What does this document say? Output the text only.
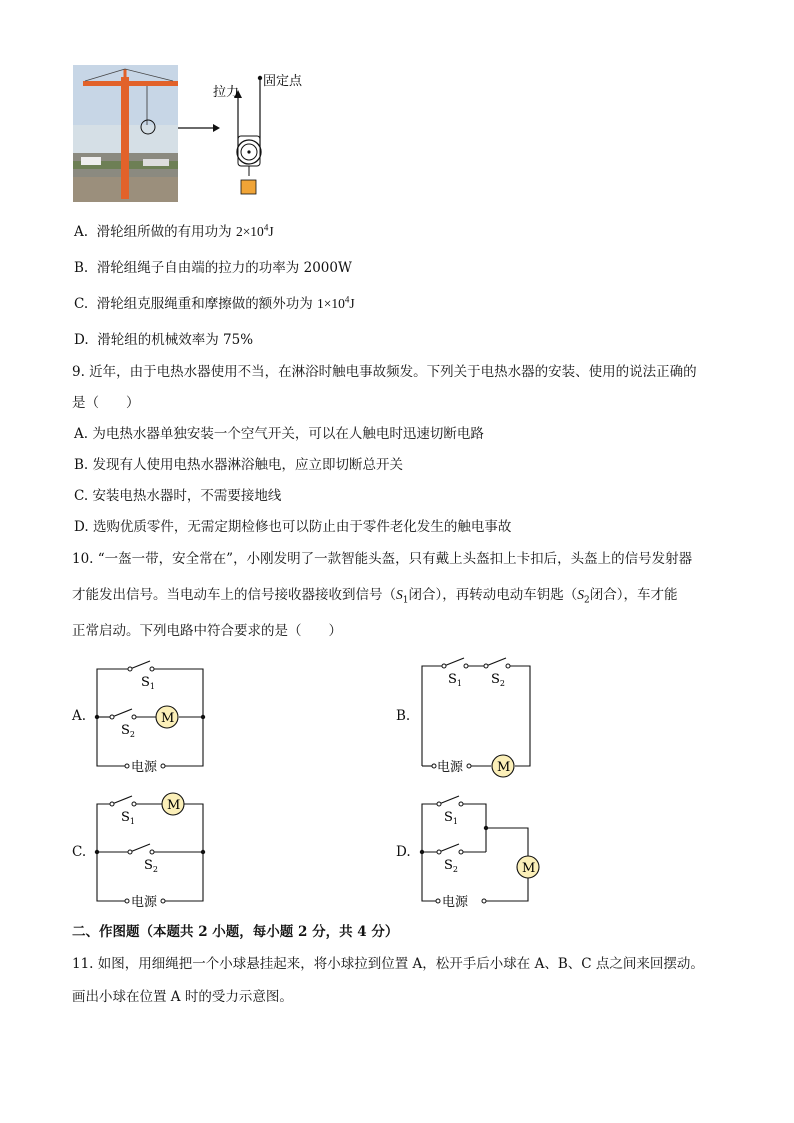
拉力
固定点
A. 滑轮组所做的有用功为 $2\times 10^4J$
B. 滑轮组绳子自由端的拉力的功率为 2000W
C. 滑轮组克服绳重和摩擦做的额外功为 $1\times 10^4J$
D. 滑轮组的机械效率为 75%
9. 近年，由于电热水器使用不当，在淋浴时触电事故频发。下列关于电热水器的安装、使用的说法正确的
是（　　）
A. 为电热水器单独安装一个空气开关，可以在人触电时迅速切断电路
B. 发现有人使用电热水器淋浴触电，应立即切断总开关
C. 安装电热水器时，不需要接地线
D. 选购优质零件，无需定期检修也可以防止由于零件老化发生的触电事故
10. “一盔一带，安全常在”，小刚发明了一款智能头盔，只有戴上头盔扣上卡扣后，头盔上的信号发射器
才能发出信号。当电动车上的信号接收器接收到信号（$S_1$闭合），再转动电动车钥匙（$S_2$闭合），车才能
正常启动。下列电路中符合要求的是（　　）
A.	M
$S_1$
$S_2$
电源
B.
$S_1$ $S_2$
电源	M
C.
M
$S_1$
$S_2$
电源
D.
$S_1$
$S_2$	M
电源
二、作图题（本题共 2 小题，每小题 2 分，共 4 分）
11. 如图，用细绳把一个小球悬挂起来，将小球拉到位置 A，松开手后小球在 A、B、C 点之间来回摆动。
画出小球在位置 A 时的受力示意图。
